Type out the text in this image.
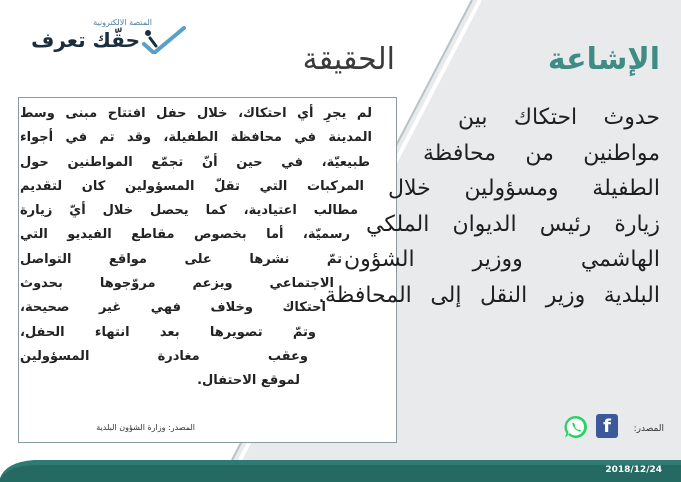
المنصة الالكترونية
حقّك تعرف
الحقيقة	الإشاعة
لم يجرِ أي احتكاك، خلال حفل افتتاح مبنى وسط
المدينة في محافظة الطفيلة، وقد تم في أجواء
طبيعيّة، في حين أنّ تجمّع المواطنين حول
المركبات التي تقلّ المسؤولين كان لتقديم
مطالب اعتيادية، كما يحصل خلال أيّ زيارة
رسميّة، أما بخصوص مقاطع الفيديو التي
تمّ نشرها على مواقع التواصل
الاجتماعي ويزعم مروّجوها بحدوث
احتكاك وخلاف فهي غير صحيحة،
وتمّ تصويرها بعد انتهاء الحفل،
وعقب مغادرة المسؤولين
لموقع الاحتفال.
المصدر: وزارة الشؤون البلدية
حدوث احتكاك بين
مواطنين من محافظة
الطفيلة ومسؤولين خلال
زيارة رئيس الديوان الملكي
الهاشمي ووزير الشؤون
البلدية وزير النقل إلى المحافظة.
المصدر:
f
2018/12/24
